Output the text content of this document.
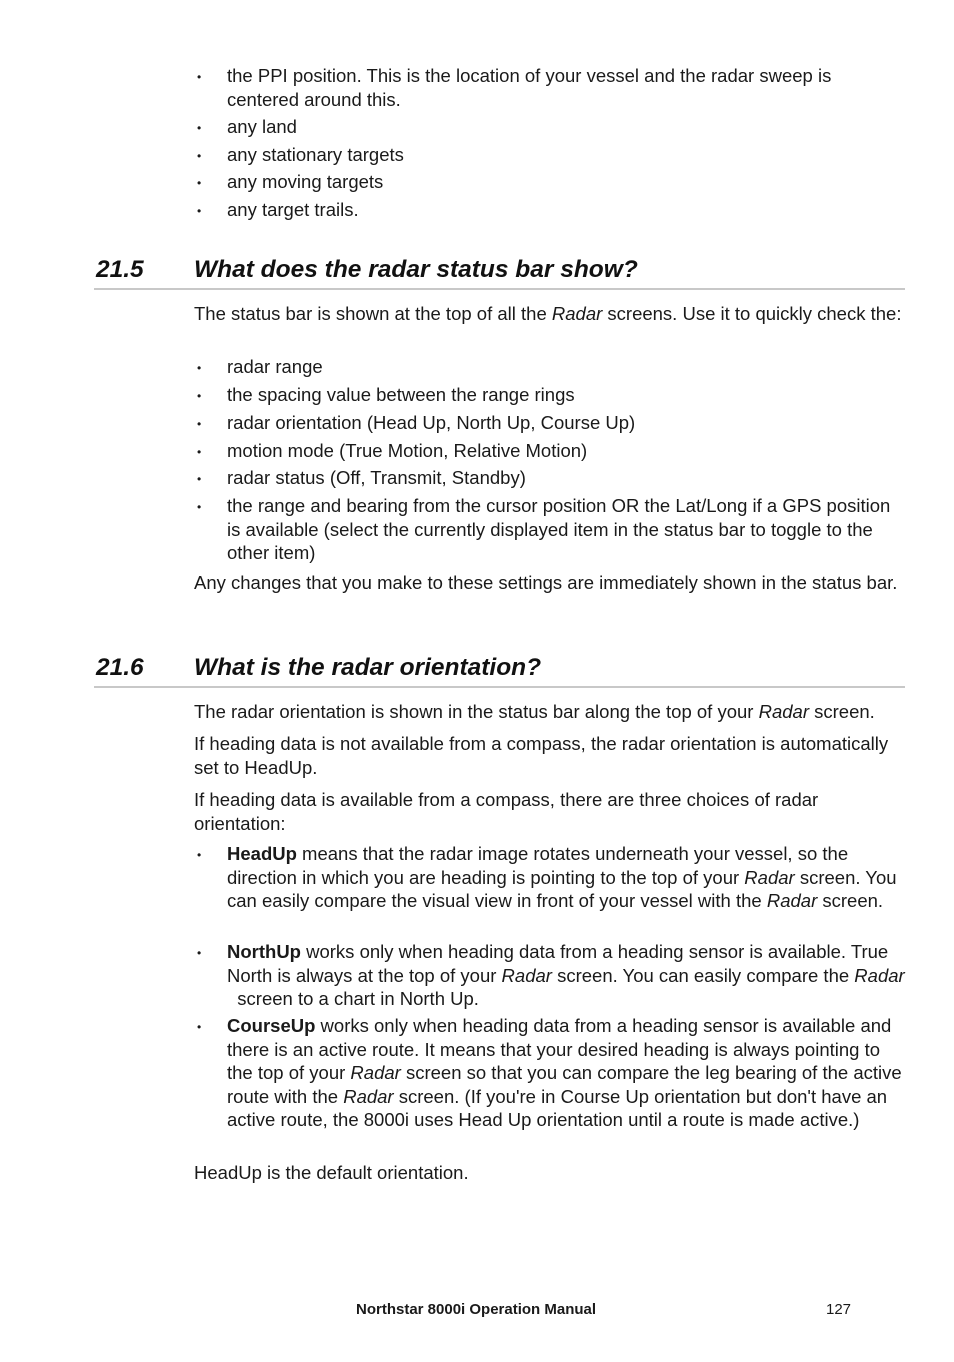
• the PPI position. This is the location of your vessel and the radar sweep is centered around this.
• any land
• any stationary targets
• any moving targets
• any target trails.
21.5 What does the radar status bar show?
The status bar is shown at the top of all the Radar screens. Use it to quickly check the:
• radar range
• the spacing value between the range rings
• radar orientation (Head Up, North Up, Course Up)
• motion mode (True Motion, Relative Motion)
• radar status (Off, Transmit, Standby)
• the range and bearing from the cursor position OR the Lat/Long if a GPS position is available (select the currently displayed item in the status bar to toggle to the other item)
Any changes that you make to these settings are immediately shown in the status bar.
21.6 What is the radar orientation?
The radar orientation is shown in the status bar along the top of your Radar screen.
If heading data is not available from a compass, the radar orientation is automatically set to HeadUp.
If heading data is available from a compass, there are three choices of radar orientation:
• HeadUp means that the radar image rotates underneath your vessel, so the direction in which you are heading is pointing to the top of your Radar screen. You can easily compare the visual view in front of your vessel with the Radar screen.
• NorthUp works only when heading data from a heading sensor is available. True North is always at the top of your Radar screen. You can easily compare the Radar  screen to a chart in North Up.
• CourseUp works only when heading data from a heading sensor is available and there is an active route. It means that your desired heading is always pointing to the top of your Radar screen so that you can compare the leg bearing of the active route with the Radar screen. (If you're in Course Up orientation but don't have an active route, the 8000i uses Head Up orientation until a route is made active.)
HeadUp is the default orientation.
Northstar 8000i Operation Manual	127
